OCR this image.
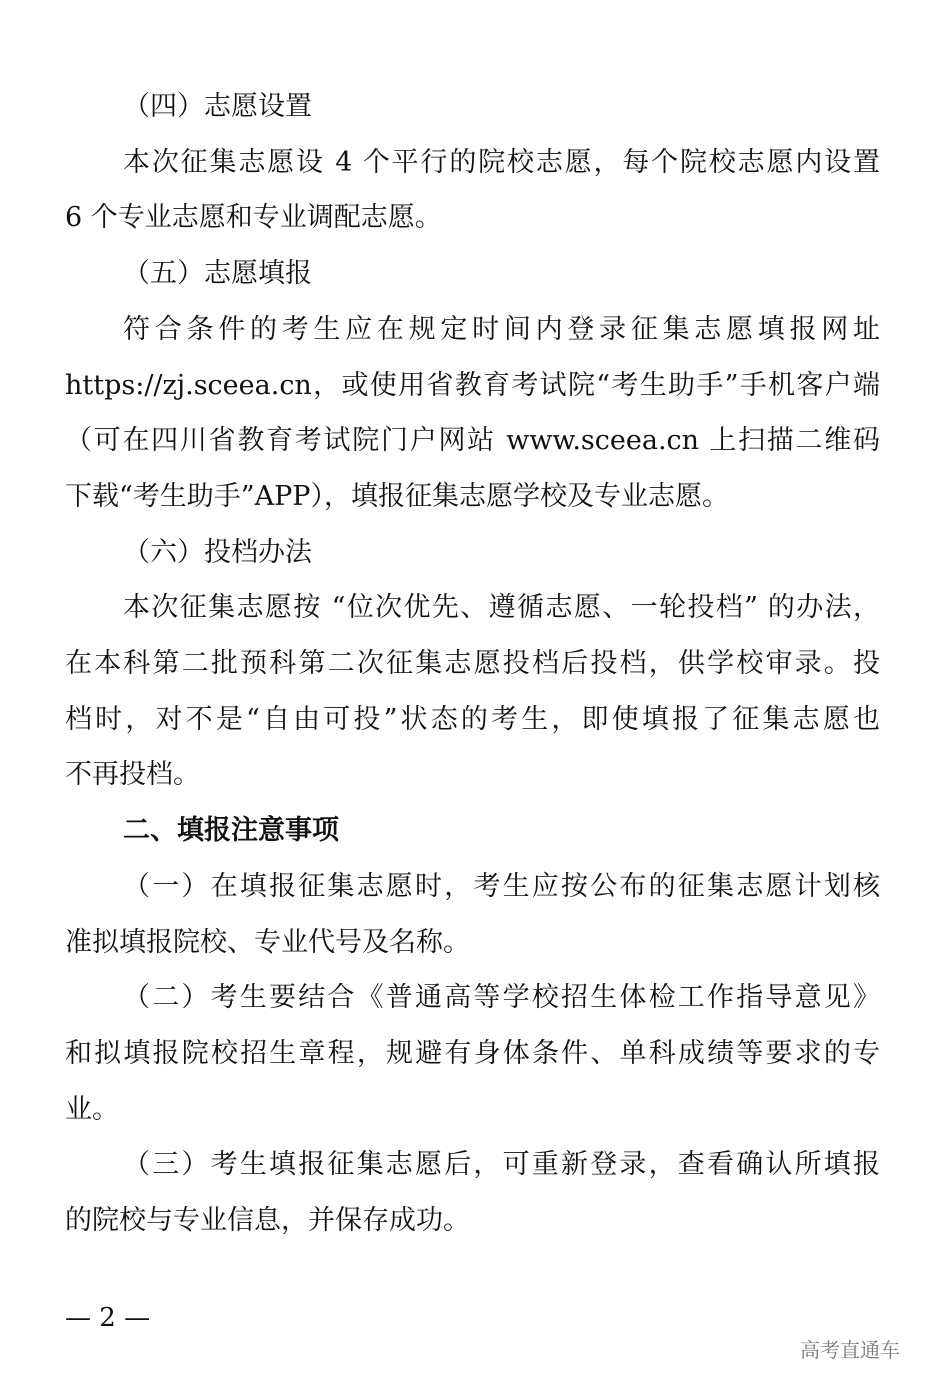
（四）志愿设置
本次征集志愿设 4 个平行的院校志愿，每个院校志愿内设置
6 个专业志愿和专业调配志愿。
（五）志愿填报
符合条件的考生应在规定时间内登录征集志愿填报网址
https://zj.sceea.cn，或使用省教育考试院“考生助手”手机客户端
（可在四川省教育考试院门户网站 www.sceea.cn 上扫描二维码
下载“考生助手”APP），填报征集志愿学校及专业志愿。
（六）投档办法
本次征集志愿按 “位次优先、遵循志愿、一轮投档” 的办法，
在本科第二批预科第二次征集志愿投档后投档，供学校审录。投
档时，对不是“自由可投”状态的考生，即使填报了征集志愿也
不再投档。
二、填报注意事项
（一）在填报征集志愿时，考生应按公布的征集志愿计划核
准拟填报院校、专业代号及名称。
（二）考生要结合《普通高等学校招生体检工作指导意见》
和拟填报院校招生章程，规避有身体条件、单科成绩等要求的专
业。
（三）考生填报征集志愿后，可重新登录，查看确认所填报
的院校与专业信息，并保存成功。
— 2 —
高考直通车
